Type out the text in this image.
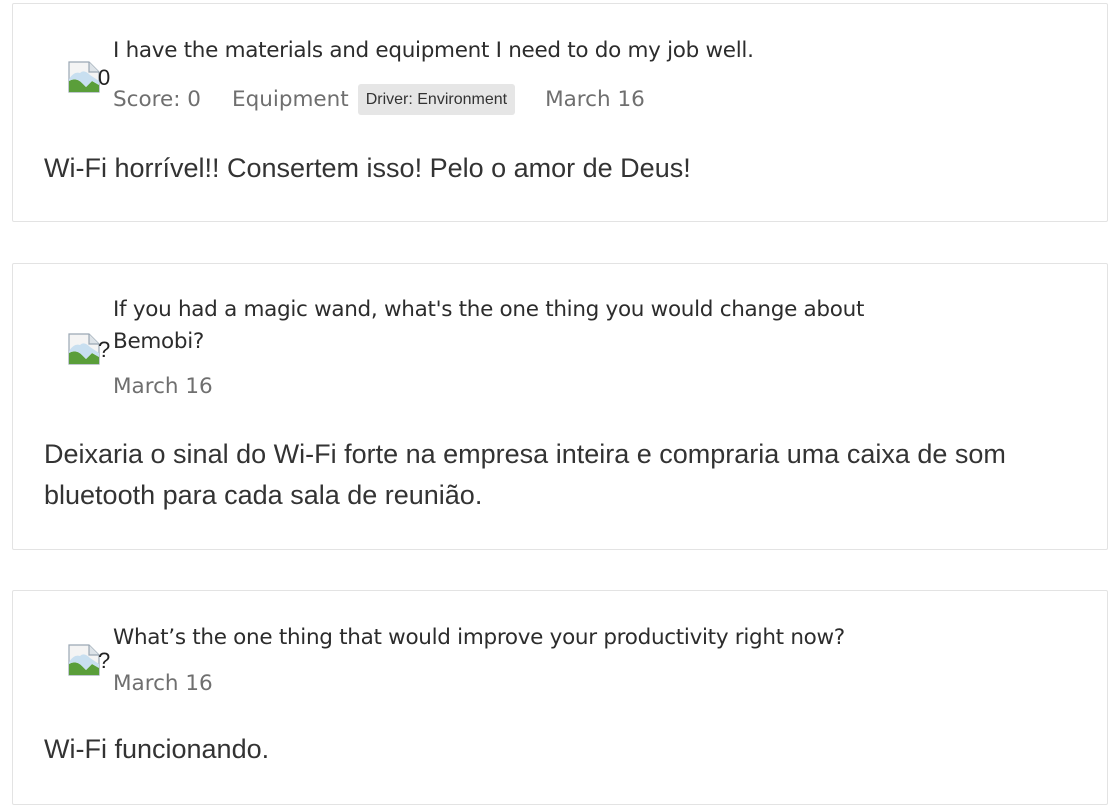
0
I have the materials and equipment I need to do my job well.
Score: 0 Equipment	Driver: Environment	March 16
Wi-Fi horrível!! Consertem isso! Pelo o amor de Deus!
?
If you had a magic wand, what's the one thing you would change about Bemobi?
March 16
Deixaria o sinal do Wi-Fi forte na empresa inteira e compraria uma caixa de som bluetooth para cada sala de reunião.
?
What’s the one thing that would improve your productivity right now?
March 16
Wi-Fi funcionando.
